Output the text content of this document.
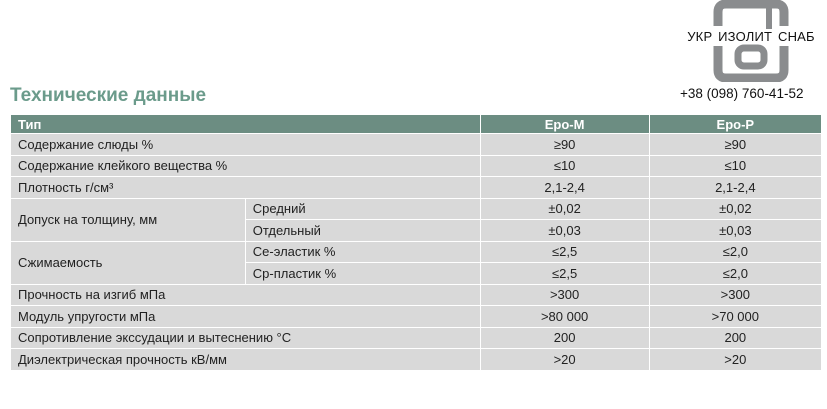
УКР ИЗОЛИТ СНАБ
+38 (098) 760-41-52
Технические данные
Тип		Epo-M	Epo-P
Содержание слюды %		≥90	≥90
Содержание клейкого вещества %		≤10	≤10
Плотность г/см³		2,1-2,4	2,1-2,4
Допуск на толщину, мм	Средний	±0,02	±0,02
	Отдельный	±0,03	±0,03
Сжимаемость	Се-эластик %	≤2,5	≤2,0
	Ср-пластик %	≤2,5	≤2,0
Прочность на изгиб мПа		>300	>300
Модуль упругости мПа		>80 000	>70 000
Сопротивление экссудации и вытеснению °С		200	200
Диэлектрическая прочность кВ/мм		>20	>20
